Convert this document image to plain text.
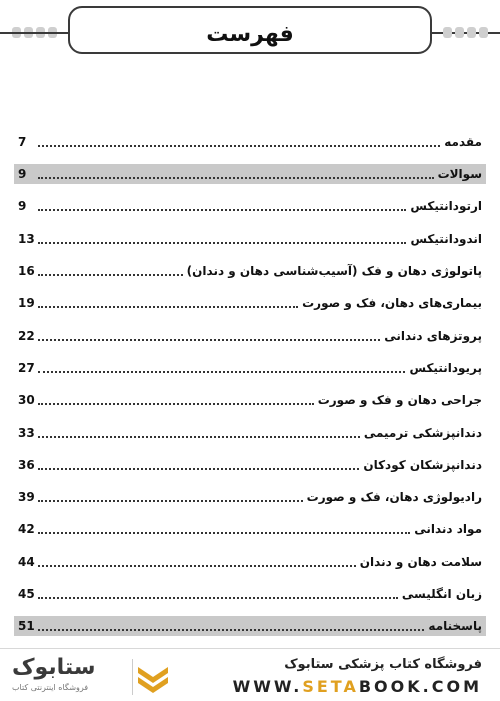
فهرست
مقدمه
7
سوالات
9
ارتودانتیکس
9
اندودانتیکس
13
پاتولوژی دهان و فک (آسیب‌شناسی دهان و دندان)
16
بیماری‌های دهان، فک و صورت
19
پروتزهای دندانی
22
پریودانتیکس
27
جراحی دهان و فک و صورت
30
دندانپزشکی ترمیمی
33
دندانپزشکان کودکان
36
رادیولوژی دهان، فک و صورت
39
مواد دندانی
42
سلامت دهان و دندان
44
زبان انگلیسی
45
پاسخنامه
51
ستابوک
فروشگاه اینترنتی کتاب
فروشگاه کتاب پزشکی ستابوک
WWW.SETABOOK.COM
